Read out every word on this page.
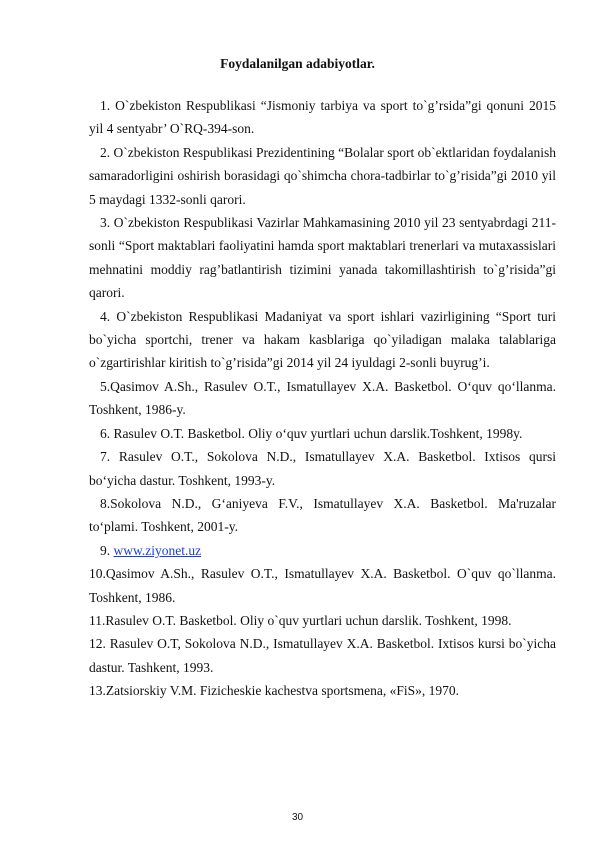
Foydalanilgan adabiyotlar.

1. O`zbekiston Respublikasi “Jismoniy tarbiya va sport to`g’rsida”gi qonuni 2015 yil 4 sentyabr’ O`RQ-394-son.

2. O`zbekiston Respublikasi Prezidentining “Bolalar sport ob`ektlaridan foydalanish samaradorligini oshirish borasidagi qo`shimcha chora-tadbirlar to`g’risida”gi 2010 yil 5 maydagi 1332-sonli qarori.

3. O`zbekiston Respublikasi Vazirlar Mahkamasining 2010 yil 23 sentyabrdagi 211-sonli “Sport maktablari faoliyatini hamda sport maktablari trenerlari va mutaxassislari mehnatini moddiy rag’batlantirish tizimini yanada takomillashtirish to`g’risida”gi qarori.

4. O`zbekiston Respublikasi Madaniyat va sport ishlari vazirligining “Sport turi bo`yicha sportchi, trener va hakam kasblariga qo`yiladigan malaka talablariga o`zgartirishlar kiritish to`g’risida”gi 2014 yil 24 iyuldagi 2-sonli buyrug’i.

5.Qasimov A.Sh., Rasulev O.T., Ismatullayev X.A. Basketbol. O‘quv qo‘llanma. Toshkent, 1986-y.

6. Rasulev O.T. Basketbol. Oliy o‘quv yurtlari uchun darslik.Toshkent, 1998y.

7. Rasulev O.T., Sokolova N.D., Ismatullayev X.A. Basketbol. Ixtisos qursi bo‘yicha dastur. Toshkent, 1993-y.

8.Sokolova N.D., G‘aniyeva F.V., Ismatullayev X.A. Basketbol. Ma'ruzalar to‘plami. Toshkent, 2001-y.

9. www.ziyonet.uz

10.Qasimov A.Sh., Rasulev O.T., Ismatullayev X.A. Basketbol. O`quv qo`llanma. Toshkent, 1986.

11.Rasulev O.T. Basketbol. Oliy o`quv yurtlari uchun darslik. Toshkent, 1998.

12. Rasulev O.T, Sokolova N.D., Ismatullayev X.A. Basketbol. Ixtisos kursi bo`yicha dastur. Tashkent, 1993.

13.Zatsiorskiy V.M. Fizicheskie kachestva sportsmena, «FiS», 1970.

30
